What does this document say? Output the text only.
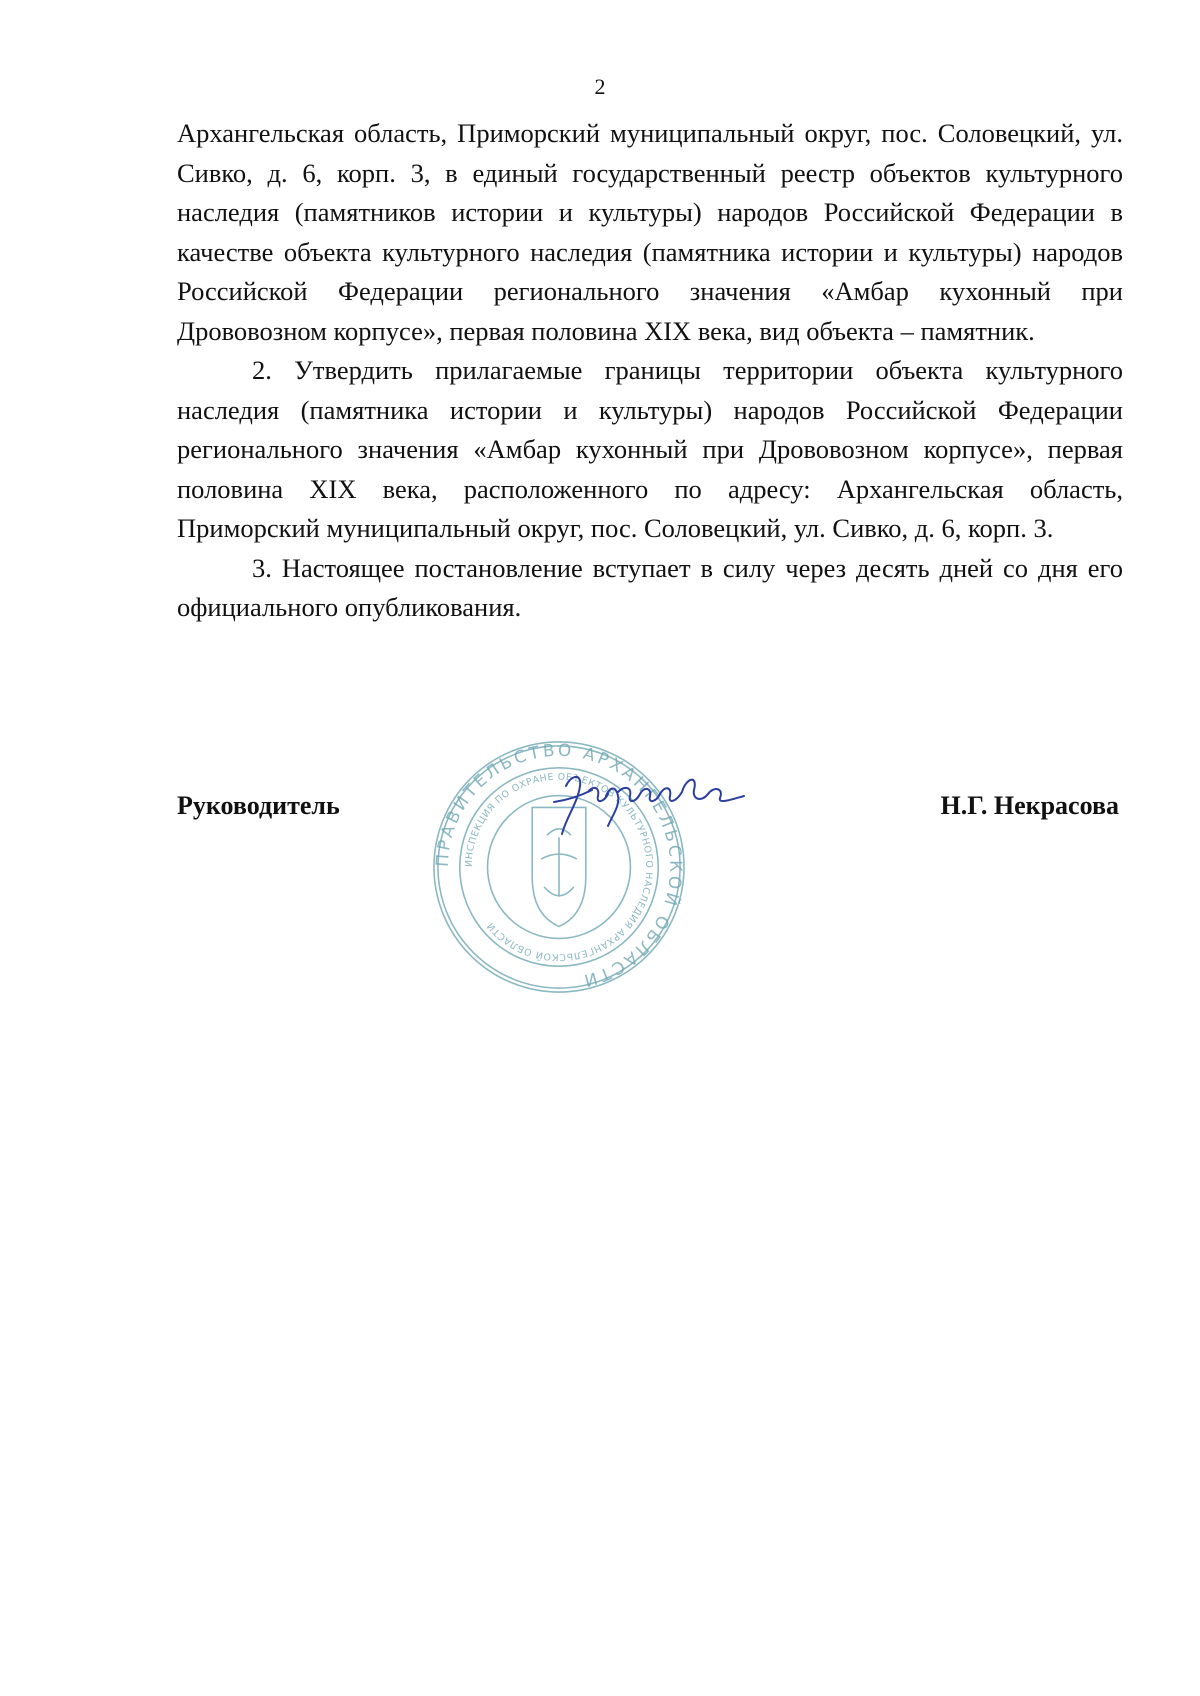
2

Архангельская область, Приморский муниципальный округ, пос. Соловецкий, ул. Сивко, д. 6, корп. 3, в единый государственный реестр объектов культурного наследия (памятников истории и культуры) народов Российской Федерации в качестве объекта культурного наследия (памятника истории и культуры) народов Российской Федерации регионального значения «Амбар кухонный при Дрововозном корпусе», первая половина XIX века, вид объекта – памятник.

2. Утвердить прилагаемые границы территории объекта культурного наследия (памятника истории и культуры) народов Российской Федерации регионального значения «Амбар кухонный при Дрововозном корпусе», первая половина XIX века, расположенного по адресу: Архангельская область, Приморский муниципальный округ, пос. Соловецкий, ул. Сивко, д. 6, корп. 3.

3. Настоящее постановление вступает в силу через десять дней со дня его официального опубликования.

Руководитель	Н.Г. Некрасова
ПРАВИТЕЛЬСТВО АРХАНГЕЛЬСКОЙ ОБЛАСТИ
ИНСПЕКЦИЯ ПО ОХРАНЕ ОБЪЕКТОВ КУЛЬТУРНОГО НАСЛЕДИЯ АРХАНГЕЛЬСКОЙ ОБЛАСТИ
